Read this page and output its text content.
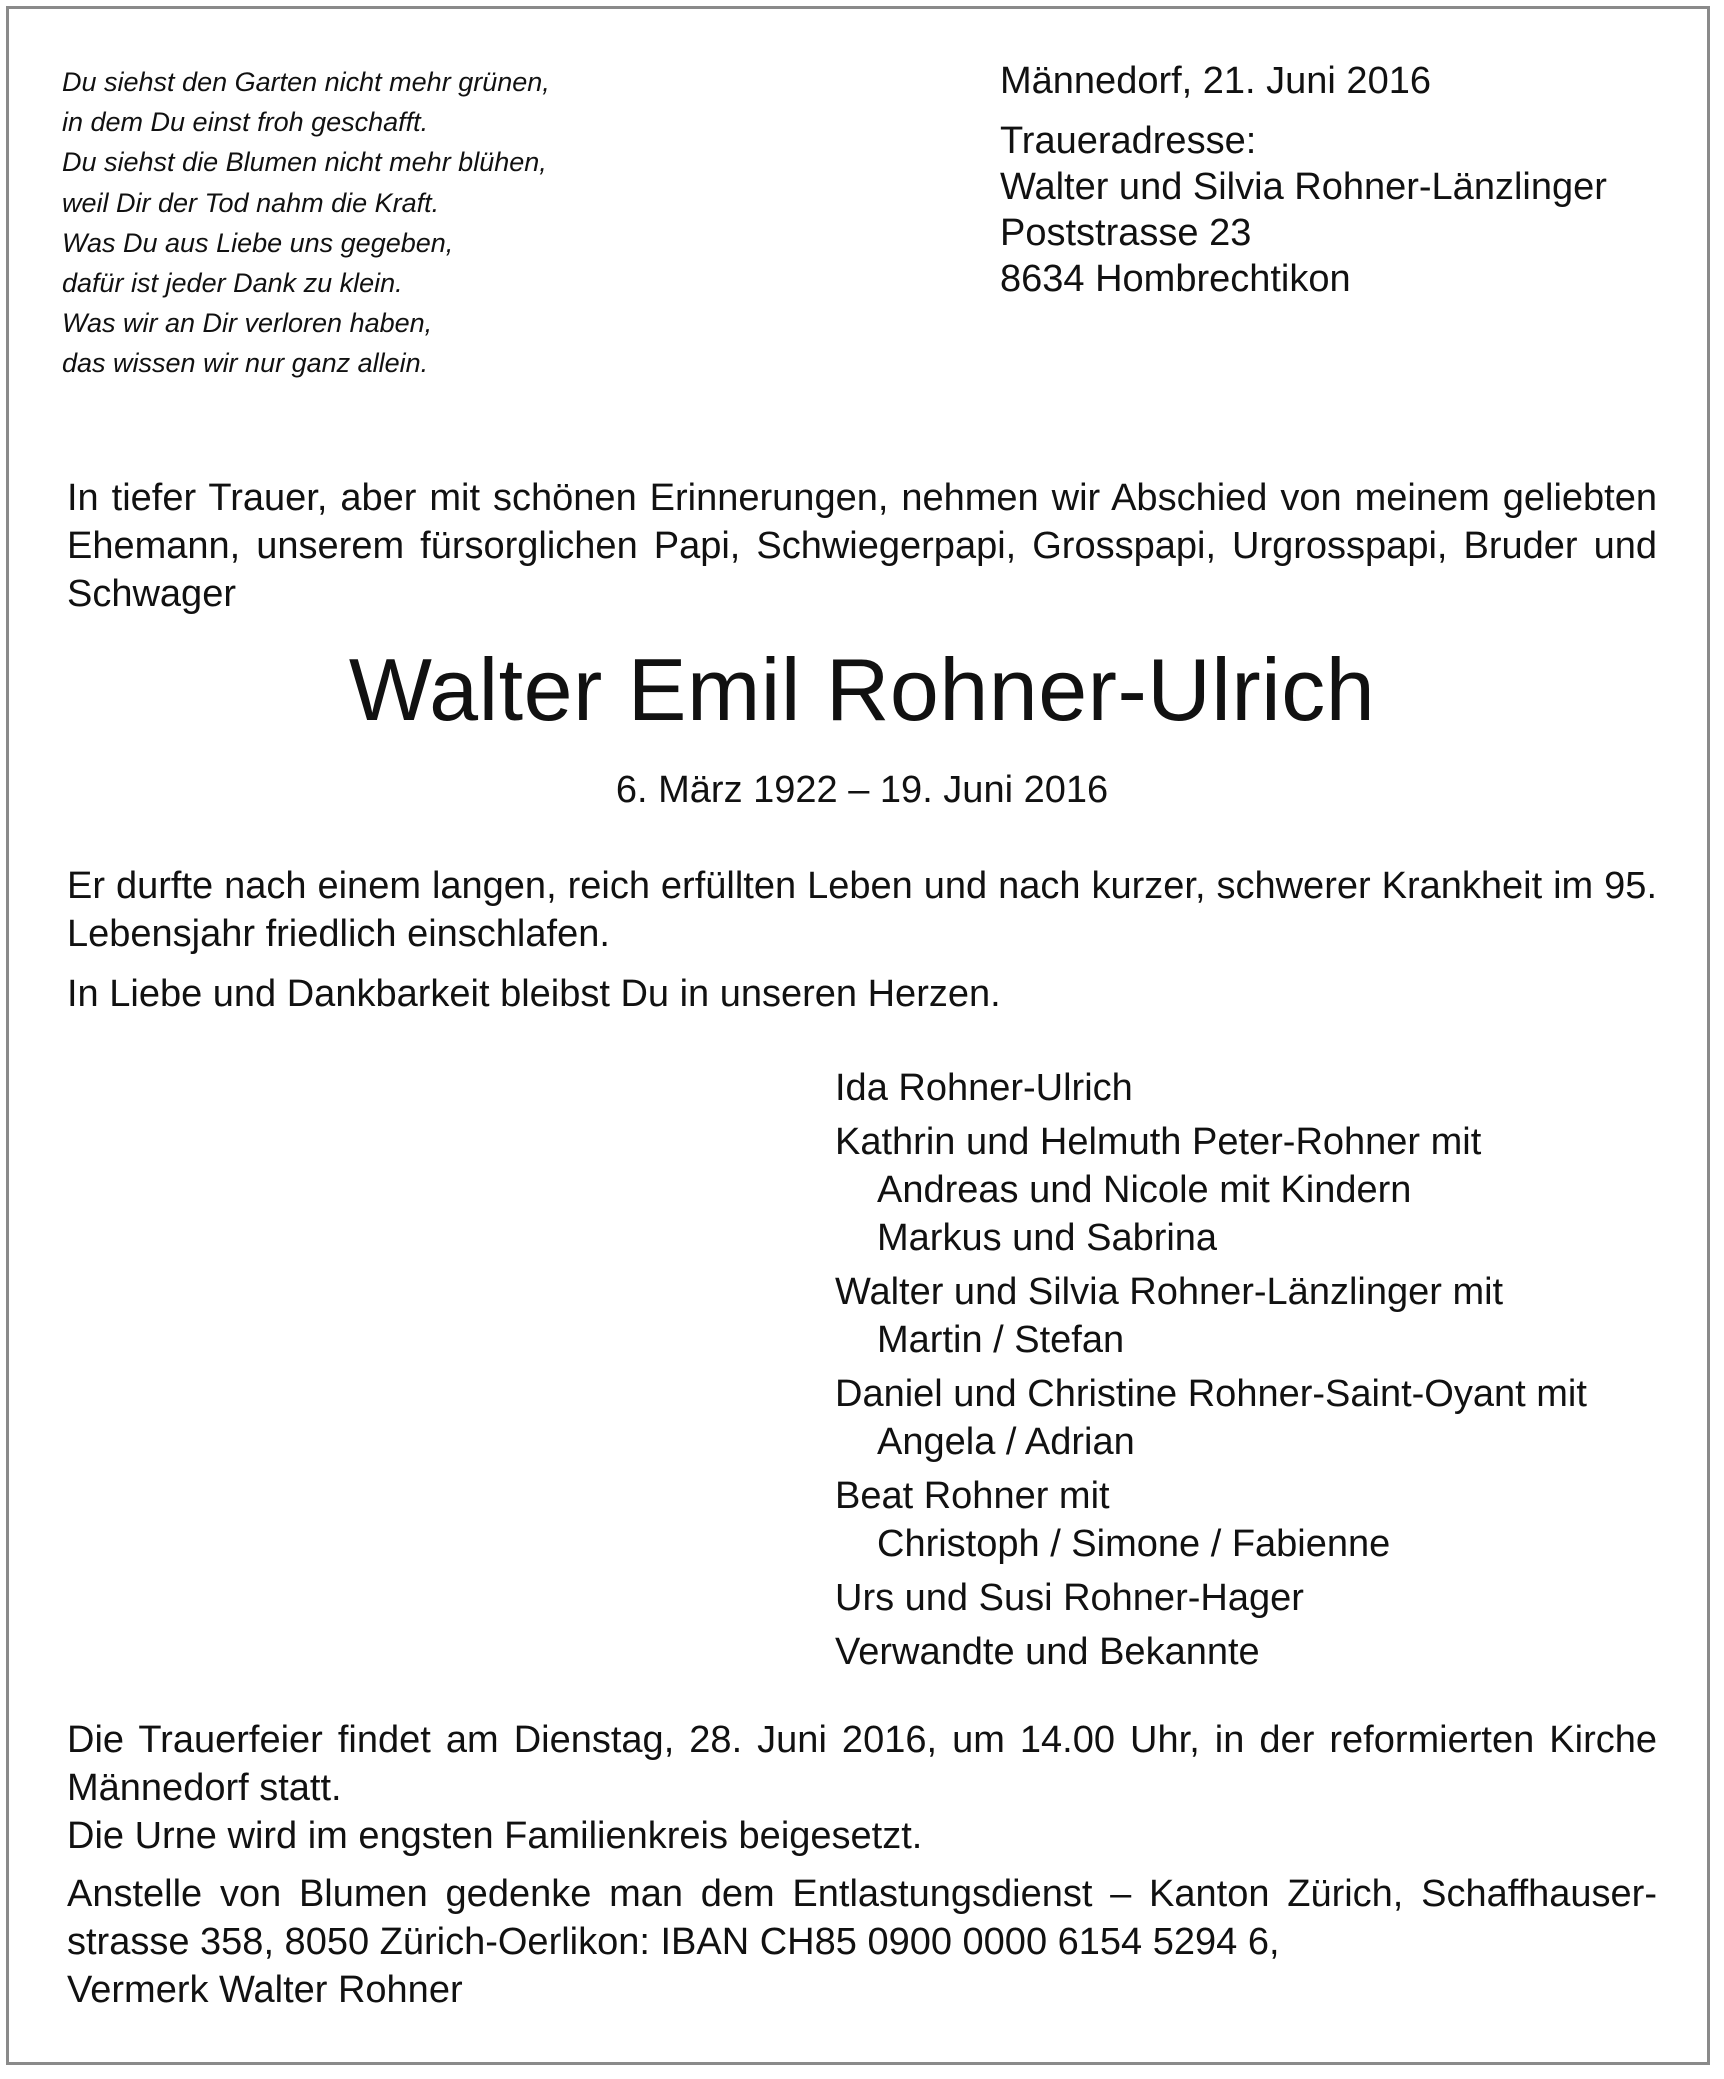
Du siehst den Garten nicht mehr grünen,
in dem Du einst froh geschafft.
Du siehst die Blumen nicht mehr blühen,
weil Dir der Tod nahm die Kraft.
Was Du aus Liebe uns gegeben,
dafür ist jeder Dank zu klein.
Was wir an Dir verloren haben,
das wissen wir nur ganz allein.
Männedorf, 21. Juni 2016
Traueradresse:
Walter und Silvia Rohner-Länzlinger
Poststrasse 23
8634 Hombrechtikon
In tiefer Trauer, aber mit schönen Erinnerungen, nehmen wir Abschied von meinem geliebten Ehemann, unserem fürsorglichen Papi, Schwiegerpapi, Grosspapi, Urgrosspapi, Bruder und Schwager
Walter Emil Rohner-Ulrich
6. März 1922 – 19. Juni 2016
Er durfte nach einem langen, reich erfüllten Leben und nach kurzer, schwerer Krankheit im 95. Lebensjahr friedlich einschlafen.
In Liebe und Dankbarkeit bleibst Du in unseren Herzen.
Ida Rohner-Ulrich
Kathrin und Helmuth Peter-Rohner mit
Andreas und Nicole mit Kindern
Markus und Sabrina
Walter und Silvia Rohner-Länzlinger mit
Martin / Stefan
Daniel und Christine Rohner-Saint-Oyant mit
Angela / Adrian
Beat Rohner mit
Christoph / Simone / Fabienne
Urs und Susi Rohner-Hager
Verwandte und Bekannte
Die Trauerfeier findet am Dienstag, 28. Juni 2016, um 14.00 Uhr, in der reformierten Kirche Männedorf statt.
Die Urne wird im engsten Familienkreis beigesetzt.
Anstelle von Blumen gedenke man dem Entlastungsdienst – Kanton Zürich, Schaffhauser-
strasse 358, 8050 Zürich-Oerlikon: IBAN CH85 0900 0000 6154 5294 6,
Vermerk Walter Rohner
